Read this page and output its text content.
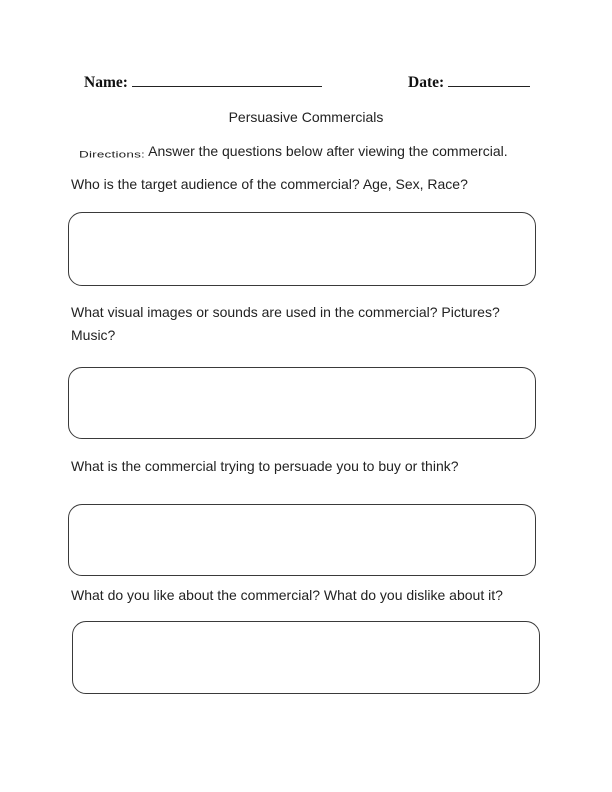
Name:	Date:
Persuasive Commercials
Directions: Answer the questions below after viewing the commercial.
Who is the target audience of the commercial? Age, Sex, Race?
What visual images or sounds are used in the commercial? Pictures? Music?
What is the commercial trying to persuade you to buy or think?
What do you like about the commercial? What do you dislike about it?
